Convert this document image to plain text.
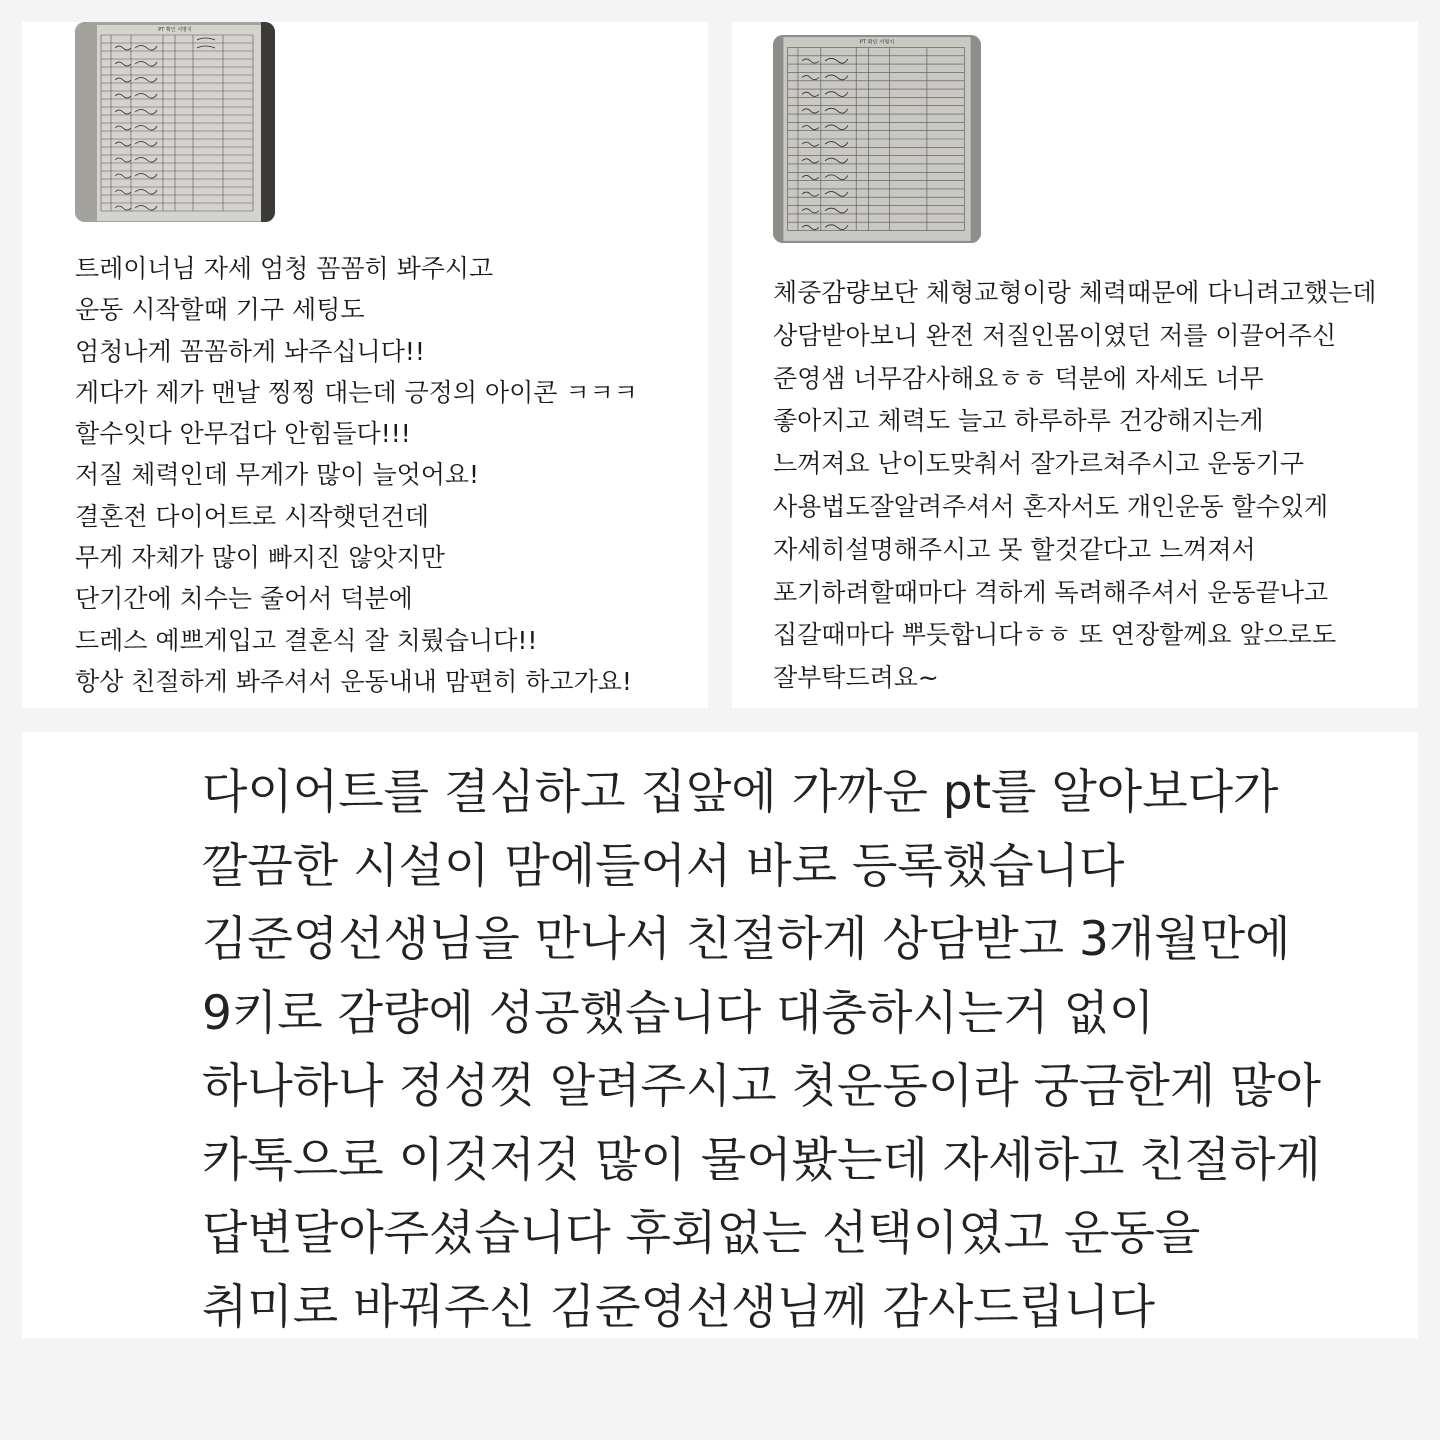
PT 확인 서명지
트레이너님 자세 엄청 꼼꼼히 봐주시고
운동 시작할때 기구 세팅도
엄청나게 꼼꼼하게 놔주십니다!!
게다가 제가 맨날 찡찡 대는데 긍정의 아이콘 ㅋㅋㅋ
할수잇다 안무겁다 안힘들다!!!
저질 체력인데 무게가 많이 늘엇어요!
결혼전 다이어트로 시작햇던건데
무게 자체가 많이 빠지진 않앗지만
단기간에 치수는 줄어서 덕분에
드레스 예쁘게입고 결혼식 잘 치뤘습니다!!
항상 친절하게 봐주셔서 운동내내 맘편히 하고가요!
PT 확인 서명지
체중감량보단 체형교형이랑 체력때문에 다니려고했는데
상담받아보니 완전 저질인몸이였던 저를 이끌어주신
준영샘 너무감사해요ㅎㅎ 덕분에 자세도 너무
좋아지고 체력도 늘고 하루하루 건강해지는게
느껴져요 난이도맞춰서 잘가르쳐주시고 운동기구
사용법도잘알려주셔서 혼자서도 개인운동 할수있게
자세히설명해주시고 못 할것같다고 느껴져서
포기하려할때마다 격하게 독려해주셔서 운동끝나고
집갈때마다 뿌듯합니다ㅎㅎ 또 연장할께요 앞으로도
잘부탁드려요~
다이어트를 결심하고 집앞에 가까운 pt를 알아보다가
깔끔한 시설이 맘에들어서 바로 등록했습니다
김준영선생님을 만나서 친절하게 상담받고 3개월만에
9키로 감량에 성공했습니다 대충하시는거 없이
하나하나 정성껏 알려주시고 첫운동이라 궁금한게 많아
카톡으로 이것저것 많이 물어봤는데 자세하고 친절하게
답변달아주셨습니다 후회없는 선택이였고 운동을
취미로 바꿔주신 김준영선생님께 감사드립니다
